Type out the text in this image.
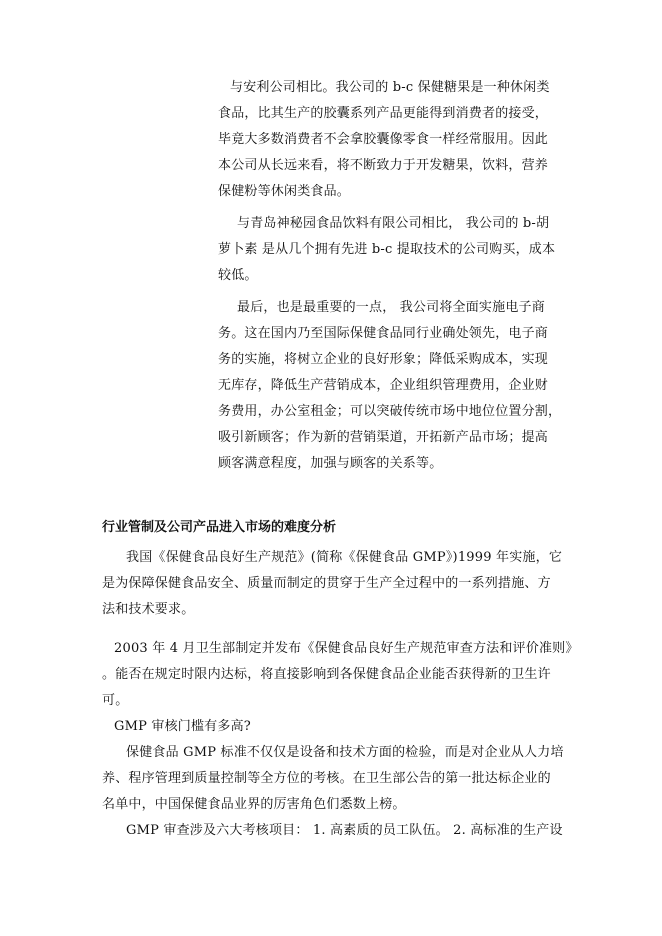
与安利公司相比。我公司的 b-c 保健糖果是一种休闲类
食品，比其生产的胶囊系列产品更能得到消费者的接受，
毕竟大多数消费者不会拿胶囊像零食一样经常服用。因此
本公司从长远来看，将不断致力于开发糖果，饮料，营养
保健粉等休闲类食品。
与青岛神秘园食品饮料有限公司相比， 我公司的 b-胡
萝卜素 是从几个拥有先进 b-c 提取技术的公司购买，成本
较低。
最后，也是最重要的一点， 我公司将全面实施电子商
务。这在国内乃至国际保健食品同行业确处领先，电子商
务的实施，将树立企业的良好形象；降低采购成本，实现
无库存，降低生产营销成本，企业组织管理费用，企业财
务费用，办公室租金；可以突破传统市场中地位位置分割，
吸引新顾客；作为新的营销渠道，开拓新产品市场；提高
顾客满意程度，加强与顾客的关系等。
行业管制及公司产品进入市场的难度分析
我国《保健食品良好生产规范》(简称《保健食品 GMP》)1999 年实施，它
是为保障保健食品安全、质量而制定的贯穿于生产全过程中的一系列措施、方
法和技术要求。
2003 年 4 月卫生部制定并发布《保健食品良好生产规范审查方法和评价准则》
。能否在规定时限内达标，将直接影响到各保健食品企业能否获得新的卫生许
可。
GMP 审核门槛有多高?
保健食品 GMP 标准不仅仅是设备和技术方面的检验，而是对企业从人力培
养、程序管理到质量控制等全方位的考核。在卫生部公告的第一批达标企业的
名单中，中国保健食品业界的厉害角色们悉数上榜。
GMP 审查涉及六大考核项目： 1. 高素质的员工队伍。 2. 高标准的生产设
